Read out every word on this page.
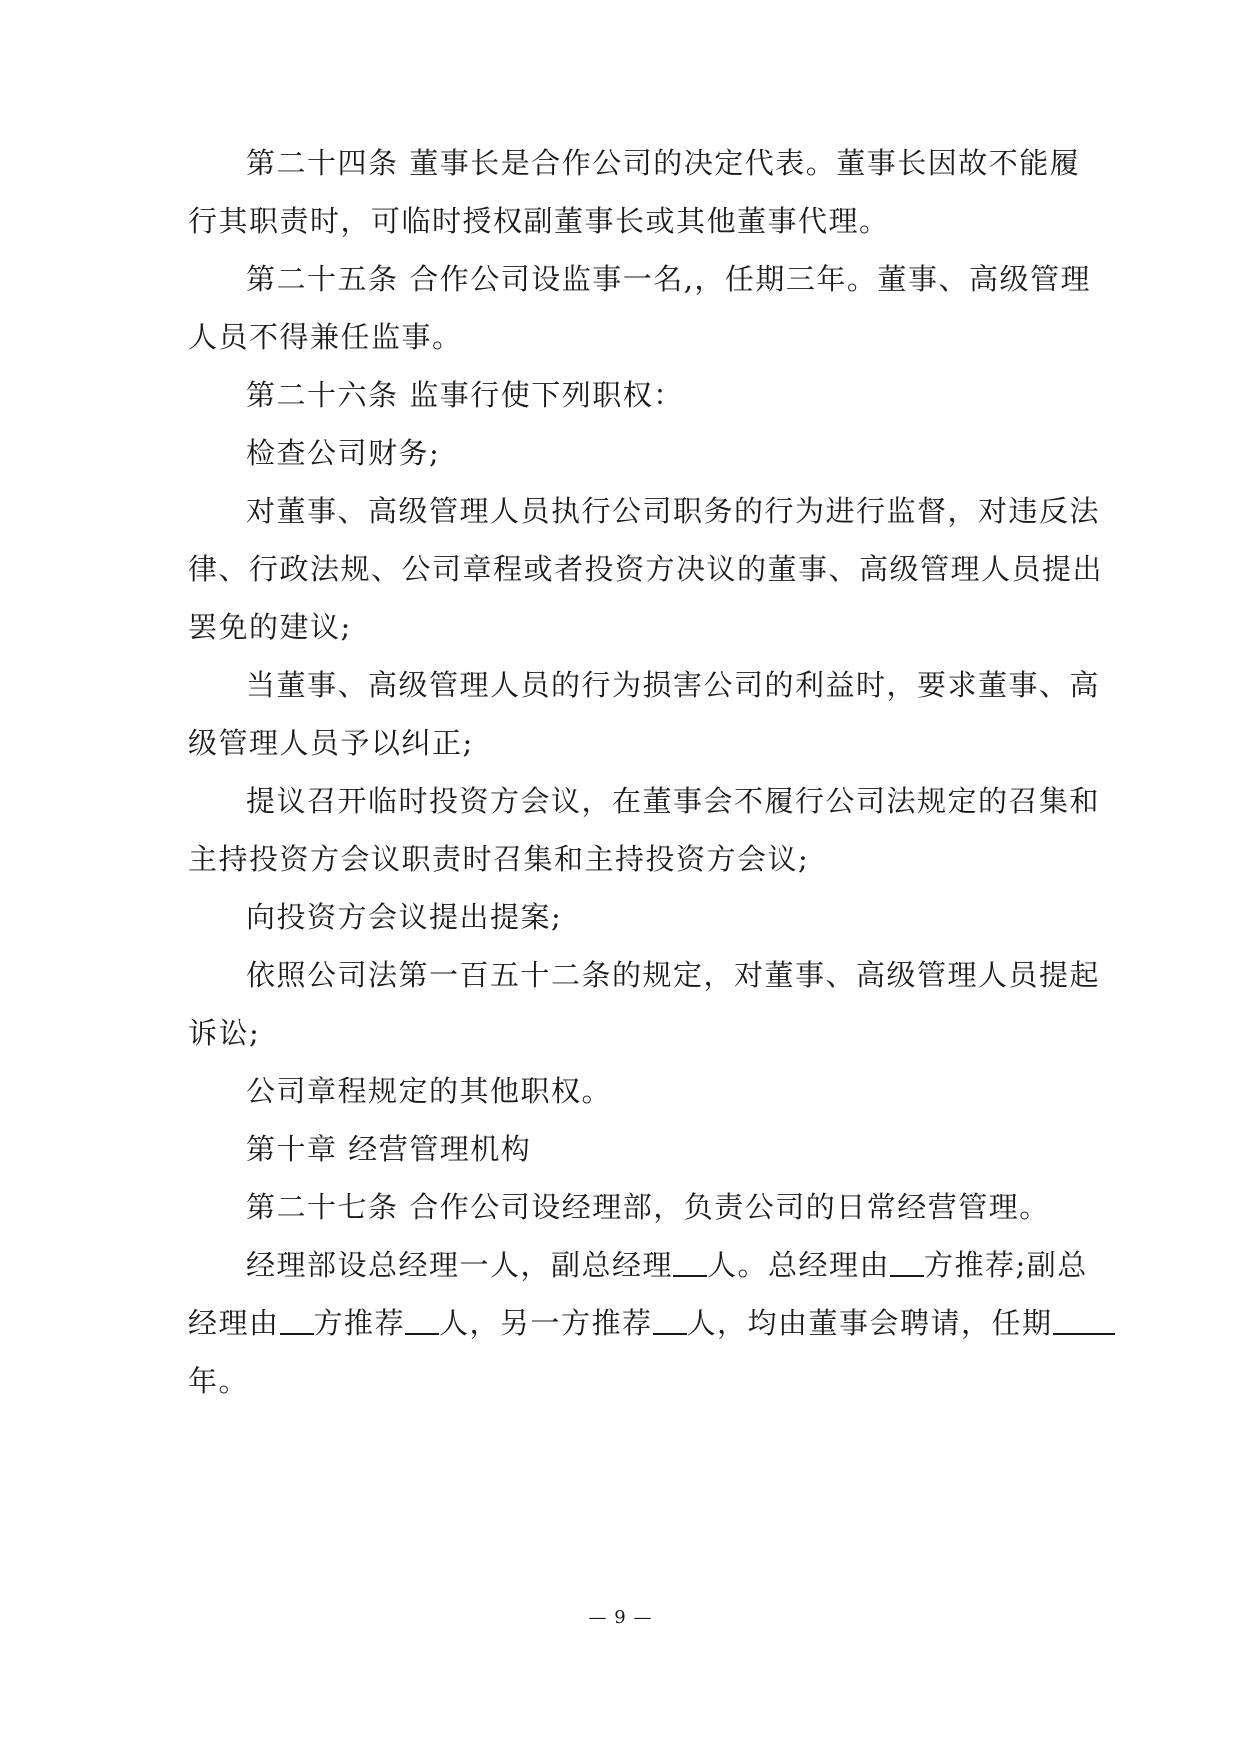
第二十四条 董事长是合作公司的决定代表。董事长因故不能履
行其职责时，可临时授权副董事长或其他董事代理。
第二十五条 合作公司设监事一名,，任期三年。董事、高级管理
人员不得兼任监事。
第二十六条 监事行使下列职权：
检查公司财务;
对董事、高级管理人员执行公司职务的行为进行监督，对违反法
律、行政法规、公司章程或者投资方决议的董事、高级管理人员提出
罢免的建议;
当董事、高级管理人员的行为损害公司的利益时，要求董事、高
级管理人员予以纠正;
提议召开临时投资方会议，在董事会不履行公司法规定的召集和
主持投资方会议职责时召集和主持投资方会议;
向投资方会议提出提案;
依照公司法第一百五十二条的规定，对董事、高级管理人员提起
诉讼;
公司章程规定的其他职权。
第十章 经营管理机构
第二十七条 合作公司设经理部，负责公司的日常经营管理。
经理部设总经理一人，副总经理 人。总经理由 方推荐;副总
经理由 方推荐 人，另一方推荐 人，均由董事会聘请，任期
年。
— 9 —
